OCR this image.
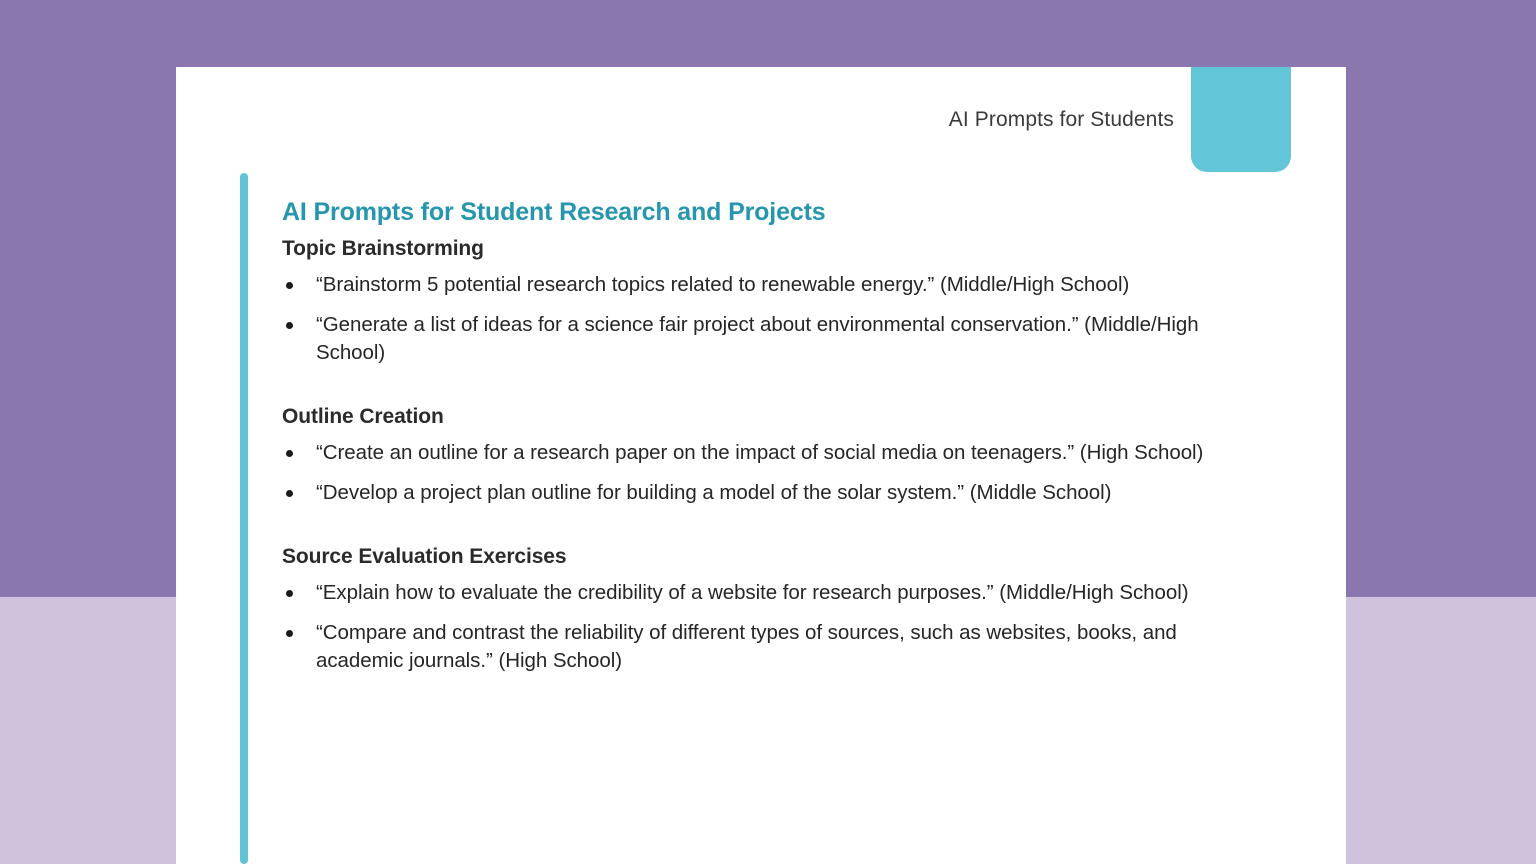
AI Prompts for Students
AI Prompts for Student Research and Projects
Topic Brainstorming
“Brainstorm 5 potential research topics related to renewable energy.” (Middle/High School)
“Generate a list of ideas for a science fair project about environmental conservation.” (Middle/High School)
Outline Creation
“Create an outline for a research paper on the impact of social media on teenagers.” (High School)
“Develop a project plan outline for building a model of the solar system.” (Middle School)
Source Evaluation Exercises
“Explain how to evaluate the credibility of a website for research purposes.” (Middle/High School)
“Compare and contrast the reliability of different types of sources, such as websites, books, and academic journals.” (High School)
